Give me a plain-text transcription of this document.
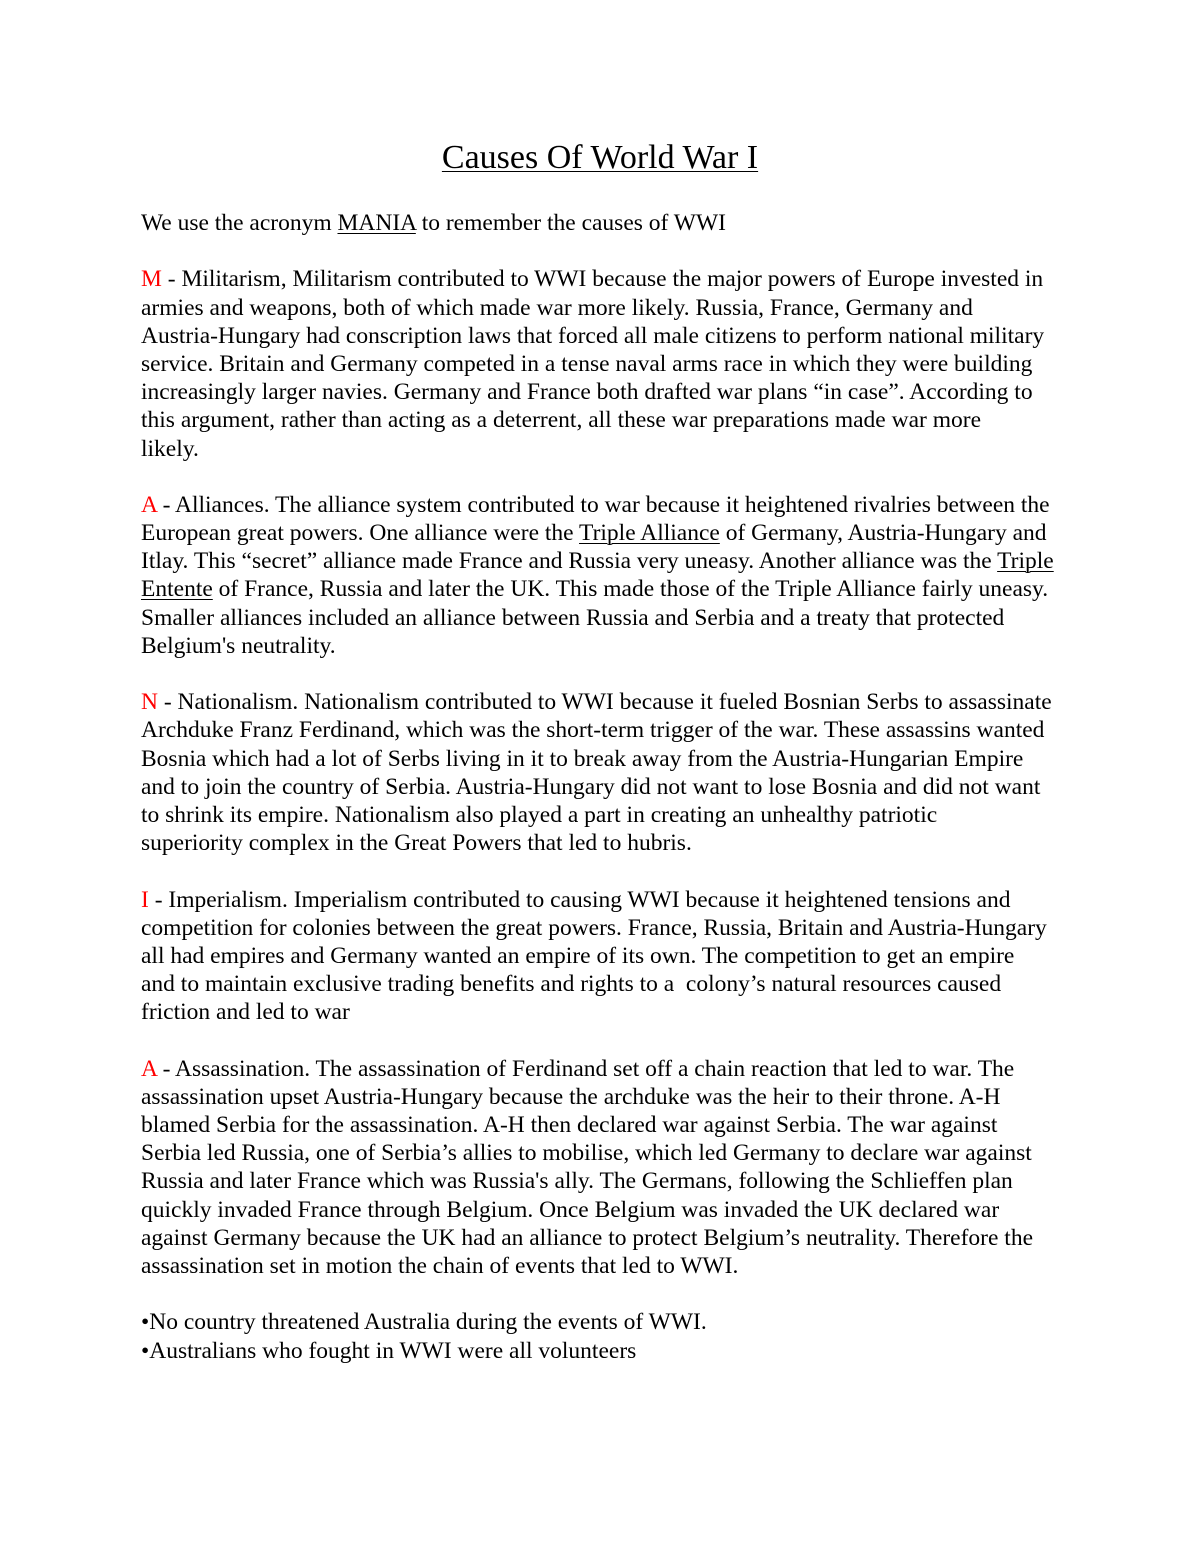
Causes Of World War I
We use the acronym MANIA to remember the causes of WWI
M - Militarism, Militarism contributed to WWI because the major powers of Europe invested in
armies and weapons, both of which made war more likely. Russia, France, Germany and
Austria-Hungary had conscription laws that forced all male citizens to perform national military
service. Britain and Germany competed in a tense naval arms race in which they were building
increasingly larger navies. Germany and France both drafted war plans “in case”. According to
this argument, rather than acting as a deterrent, all these war preparations made war more
likely.
A - Alliances. The alliance system contributed to war because it heightened rivalries between the
European great powers. One alliance were the Triple Alliance of Germany, Austria-Hungary and
Itlay. This “secret” alliance made France and Russia very uneasy. Another alliance was the Triple
Entente of France, Russia and later the UK. This made those of the Triple Alliance fairly uneasy.
Smaller alliances included an alliance between Russia and Serbia and a treaty that protected
Belgium's neutrality.
N - Nationalism. Nationalism contributed to WWI because it fueled Bosnian Serbs to assassinate
Archduke Franz Ferdinand, which was the short-term trigger of the war. These assassins wanted
Bosnia which had a lot of Serbs living in it to break away from the Austria-Hungarian Empire
and to join the country of Serbia. Austria-Hungary did not want to lose Bosnia and did not want
to shrink its empire. Nationalism also played a part in creating an unhealthy patriotic
superiority complex in the Great Powers that led to hubris.
I - Imperialism. Imperialism contributed to causing WWI because it heightened tensions and
competition for colonies between the great powers. France, Russia, Britain and Austria-Hungary
all had empires and Germany wanted an empire of its own. The competition to get an empire
and to maintain exclusive trading benefits and rights to a  colony’s natural resources caused
friction and led to war
A - Assassination. The assassination of Ferdinand set off a chain reaction that led to war. The
assassination upset Austria-Hungary because the archduke was the heir to their throne. A-H
blamed Serbia for the assassination. A-H then declared war against Serbia. The war against
Serbia led Russia, one of Serbia’s allies to mobilise, which led Germany to declare war against
Russia and later France which was Russia's ally. The Germans, following the Schlieffen plan
quickly invaded France through Belgium. Once Belgium was invaded the UK declared war
against Germany because the UK had an alliance to protect Belgium’s neutrality. Therefore the
assassination set in motion the chain of events that led to WWI.
•No country threatened Australia during the events of WWI.
•Australians who fought in WWI were all volunteers
